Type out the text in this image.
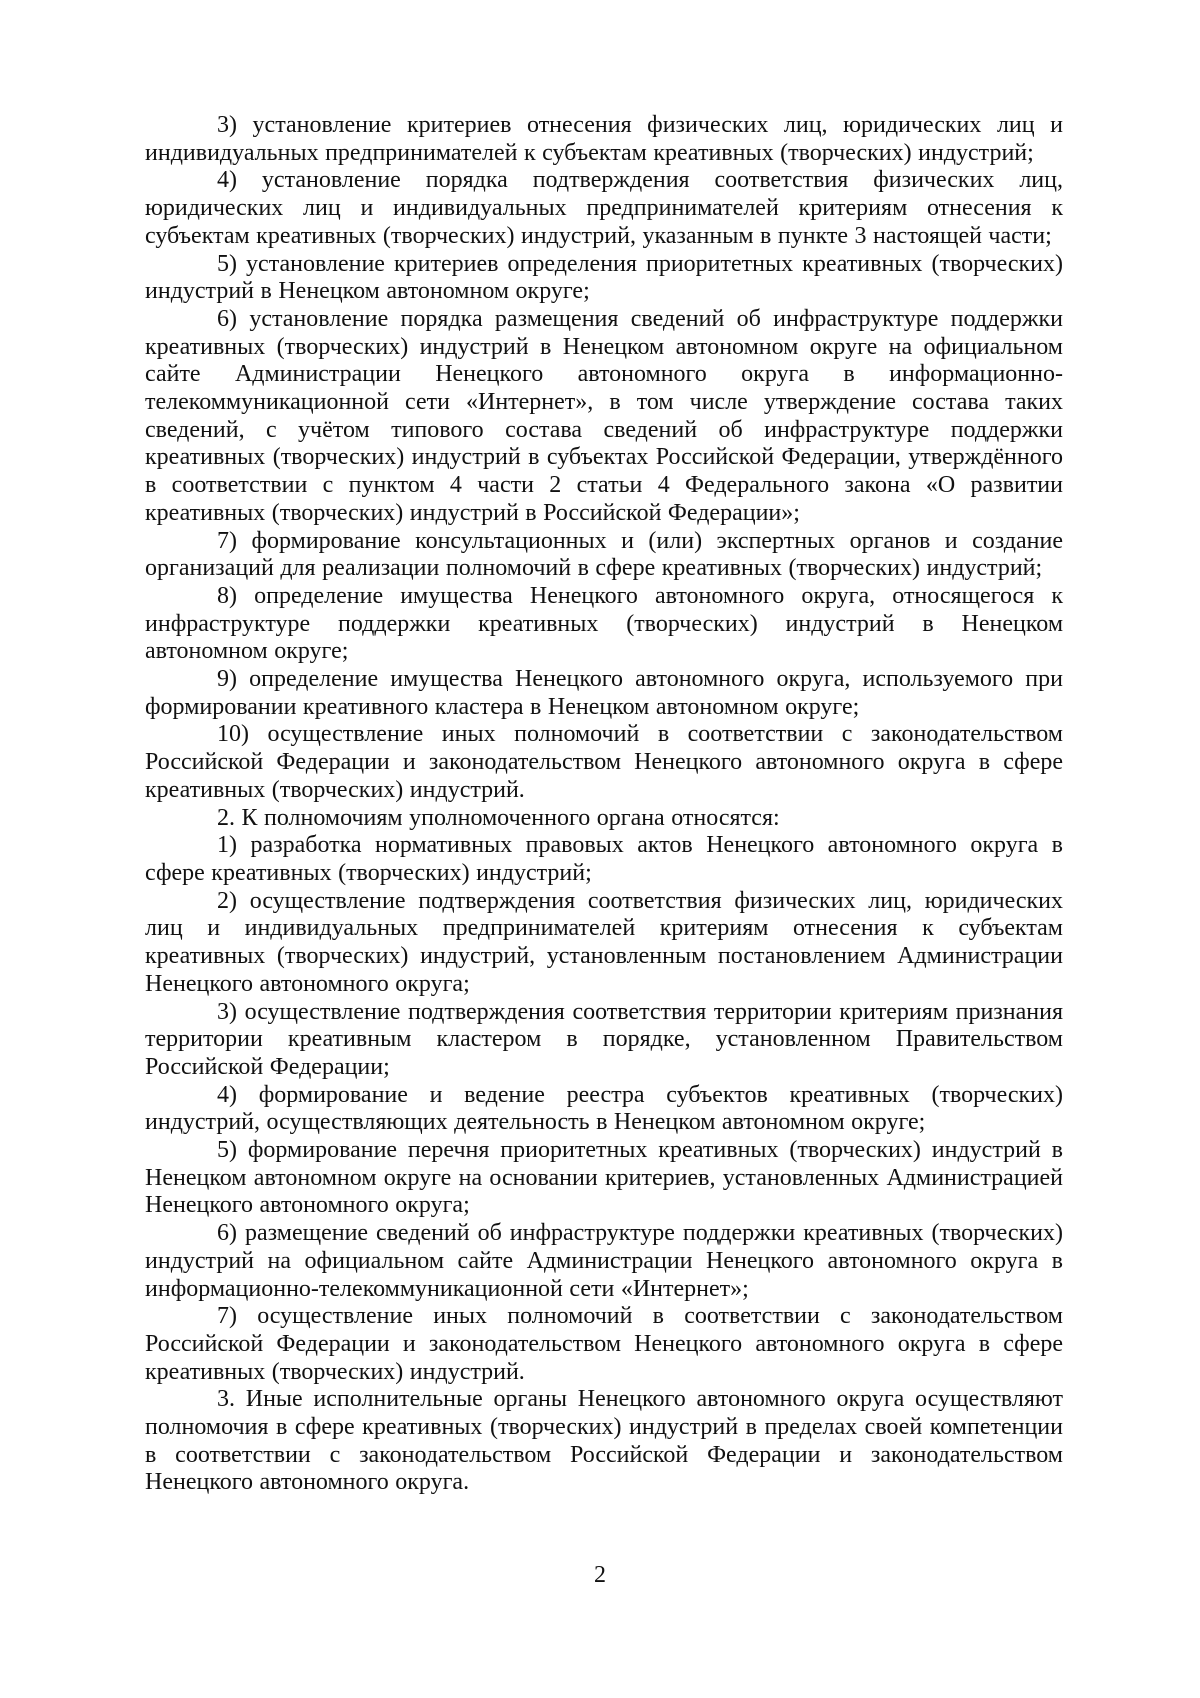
3) установление критериев отнесения физических лиц, юридических лиц и индивидуальных предпринимателей к субъектам креативных (творческих) индустрий;

4) установление порядка подтверждения соответствия физических лиц, юридических лиц и индивидуальных предпринимателей критериям отнесения к субъектам креативных (творческих) индустрий, указанным в пункте 3 настоящей части;

5) установление критериев определения приоритетных креативных (творческих) индустрий в Ненецком автономном округе;

6) установление порядка размещения сведений об инфраструктуре поддержки креативных (творческих) индустрий в Ненецком автономном округе на официальном сайте Администрации Ненецкого автономного округа в информационно-телекоммуникационной сети «Интернет», в том числе утверждение состава таких сведений, с учётом типового состава сведений об инфраструктуре поддержки креативных (творческих) индустрий в субъектах Российской Федерации, утверждённого в соответствии с пунктом 4 части 2 статьи 4 Федерального закона «О развитии креативных (творческих) индустрий в Российской Федерации»;

7) формирование консультационных и (или) экспертных органов и создание организаций для реализации полномочий в сфере креативных (творческих) индустрий;

8) определение имущества Ненецкого автономного округа, относящегося к инфраструктуре поддержки креативных (творческих) индустрий в Ненецком автономном округе;

9) определение имущества Ненецкого автономного округа, используемого при формировании креативного кластера в Ненецком автономном округе;

10) осуществление иных полномочий в соответствии с законодательством Российской Федерации и законодательством Ненецкого автономного округа в сфере креативных (творческих) индустрий.

2. К полномочиям уполномоченного органа относятся:

1) разработка нормативных правовых актов Ненецкого автономного округа в сфере креативных (творческих) индустрий;

2) осуществление подтверждения соответствия физических лиц, юридических лиц и индивидуальных предпринимателей критериям отнесения к субъектам креативных (творческих) индустрий, установленным постановлением Администрации Ненецкого автономного округа;

3) осуществление подтверждения соответствия территории критериям признания территории креативным кластером в порядке, установленном Правительством Российской Федерации;

4) формирование и ведение реестра субъектов креативных (творческих) индустрий, осуществляющих деятельность в Ненецком автономном округе;

5) формирование перечня приоритетных креативных (творческих) индустрий в Ненецком автономном округе на основании критериев, установленных Администрацией Ненецкого автономного округа;

6) размещение сведений об инфраструктуре поддержки креативных (творческих) индустрий на официальном сайте Администрации Ненецкого автономного округа в информационно-телекоммуникационной сети «Интернет»;

7) осуществление иных полномочий в соответствии с законодательством Российской Федерации и законодательством Ненецкого автономного округа в сфере креативных (творческих) индустрий.

3. Иные исполнительные органы Ненецкого автономного округа осуществляют полномочия в сфере креативных (творческих) индустрий в пределах своей компетенции в соответствии с законодательством Российской Федерации и законодательством Ненецкого автономного округа.

2
